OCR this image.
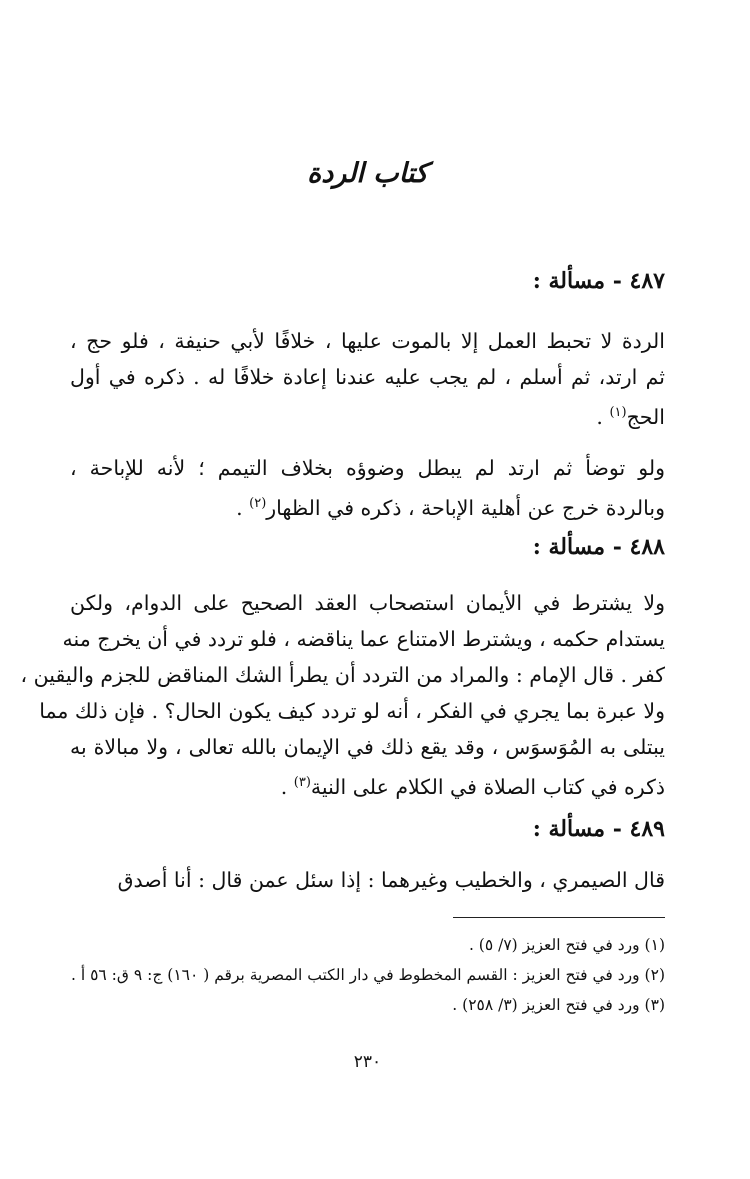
كتاب الردة
٤٨٧ - مسألة :

الردة لا تحبط العمل إلا بالموت عليها ، خلافًا لأبي حنيفة ، فلو حج ،
ثم ارتد، ثم أسلم ، لم يجب عليه عندنا إعادة خلافًا له . ذكره في أول
الحج$^{(١)}$ .

ولو توضأ ثم ارتد لم يبطل وضوؤه بخلاف التيمم ؛ لأنه للإباحة ،
وبالردة خرج عن أهلية الإباحة ، ذكره في الظهار$^{(٢)}$ .

٤٨٨ - مسألة :

ولا يشترط في الأيمان استصحاب العقد الصحيح على الدوام، ولكن
يستدام حكمه ، ويشترط الامتناع عما يناقضه ، فلو تردد في أن يخرج منه
كفر . قال الإمام : والمراد من التردد أن يطرأ الشك المناقض للجزم واليقين ،
ولا عبرة بما يجري في الفكر ، أنه لو تردد كيف يكون الحال؟ . فإن ذلك مما
يبتلى به المُوَسوَس ، وقد يقع ذلك في الإيمان بالله تعالى ، ولا مبالاة به
ذكره في كتاب الصلاة في الكلام على النية$^{(٣)}$ .

٤٨٩ - مسألة :

قال الصيمري ، والخطيب وغيرهما : إذا سئل عمن قال : أنا أصدق

(١) ورد في فتح العزيز (٧/ ٥) .
(٢) ورد في فتح العزيز : القسم المخطوط في دار الكتب المصرية برقم ( ١٦٠) ج: ٩ ق: ٥٦ أ .
(٣) ورد في فتح العزيز (٣/ ٢٥٨) .
٢٣٠
